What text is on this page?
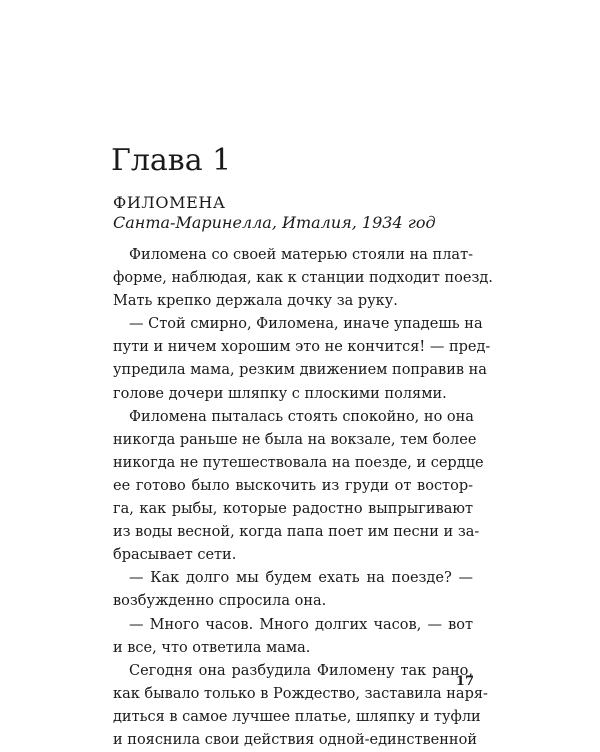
Глава 1
ФИЛОМЕНА
Санта-Маринелла, Италия, 1934 год
Филомена со своей матерью стояли на плат-
форме, наблюдая, как к станции подходит поезд.
Мать крепко держала дочку за руку.
— Стой смирно, Филомена, иначе упадешь на
пути и ничем хорошим это не кончится! — пред-
упредила мама, резким движением поправив на
голове дочери шляпку с плоскими полями.
Филомена пыталась стоять спокойно, но она
никогда раньше не была на вокзале, тем более
никогда не путешествовала на поезде, и сердце
ее готово было выскочить из груди от востор-
га, как рыбы, которые радостно выпрыгивают
из воды весной, когда папа поет им песни и за-
брасывает сети.
— Как долго мы будем ехать на поезде? —
возбужденно спросила она.
— Много часов. Много долгих часов, — вот
и все, что ответила мама.
Сегодня она разбудила Филомену так рано,
как бывало только в Рождество, заставила наря-
диться в самое лучшее платье, шляпку и туфли
и пояснила свои действия одной-единственной
17
